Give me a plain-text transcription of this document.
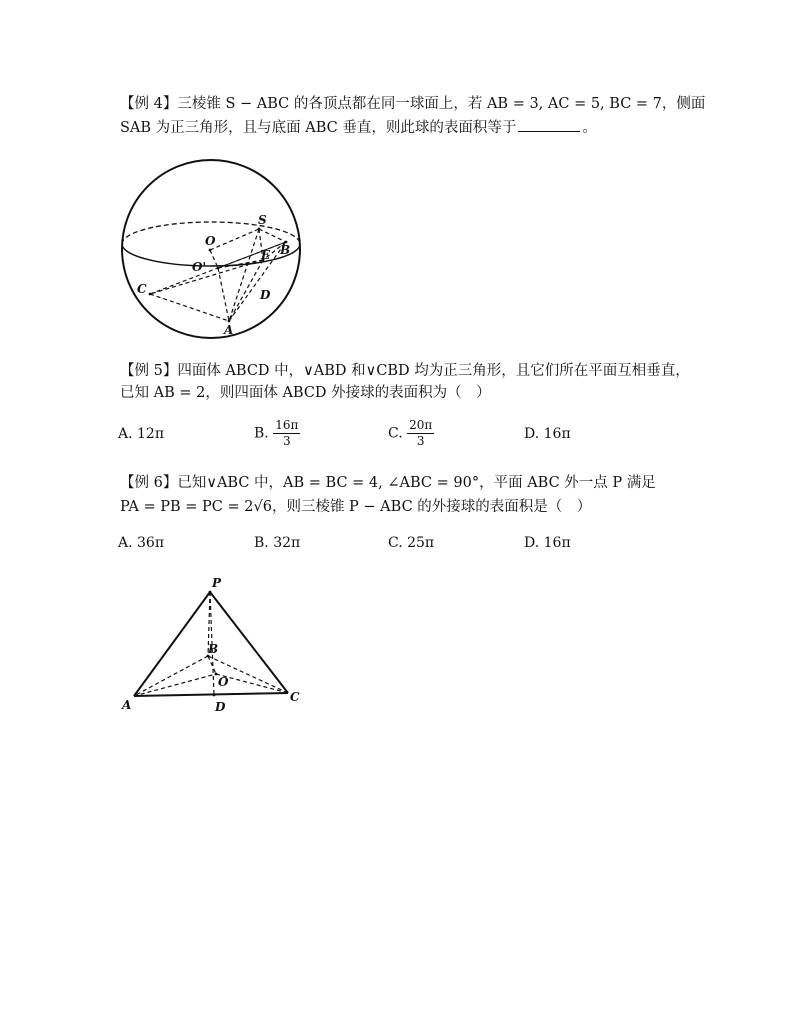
【例 4】三棱锥 S − ABC 的各顶点都在同一球面上，若 AB = 3, AC = 5, BC = 7，侧面
SAB 为正三角形，且与底面 ABC 垂直，则此球的表面积等于	。
S
O
O'
E B
C	D
A
【例 5】四面体 ABCD 中，∨ABD 和∨CBD 均为正三角形，且它们所在平面互相垂直，
已知 AB = 2，则四面体 ABCD 外接球的表面积为（　）
A. 12π	B. $\frac{16\pi}{3}$	C. $\frac{20\pi}{3}$	D. 16π
【例 6】已知∨ABC 中，AB = BC = 4, ∠ABC = 90°，平面 ABC 外一点 P 满足
PA = PB = PC = 2√6，则三棱锥 P − ABC 的外接球的表面积是（　）
A. 36π	B. 32π	C. 25π	D. 16π
P
B
O
A	D
C
